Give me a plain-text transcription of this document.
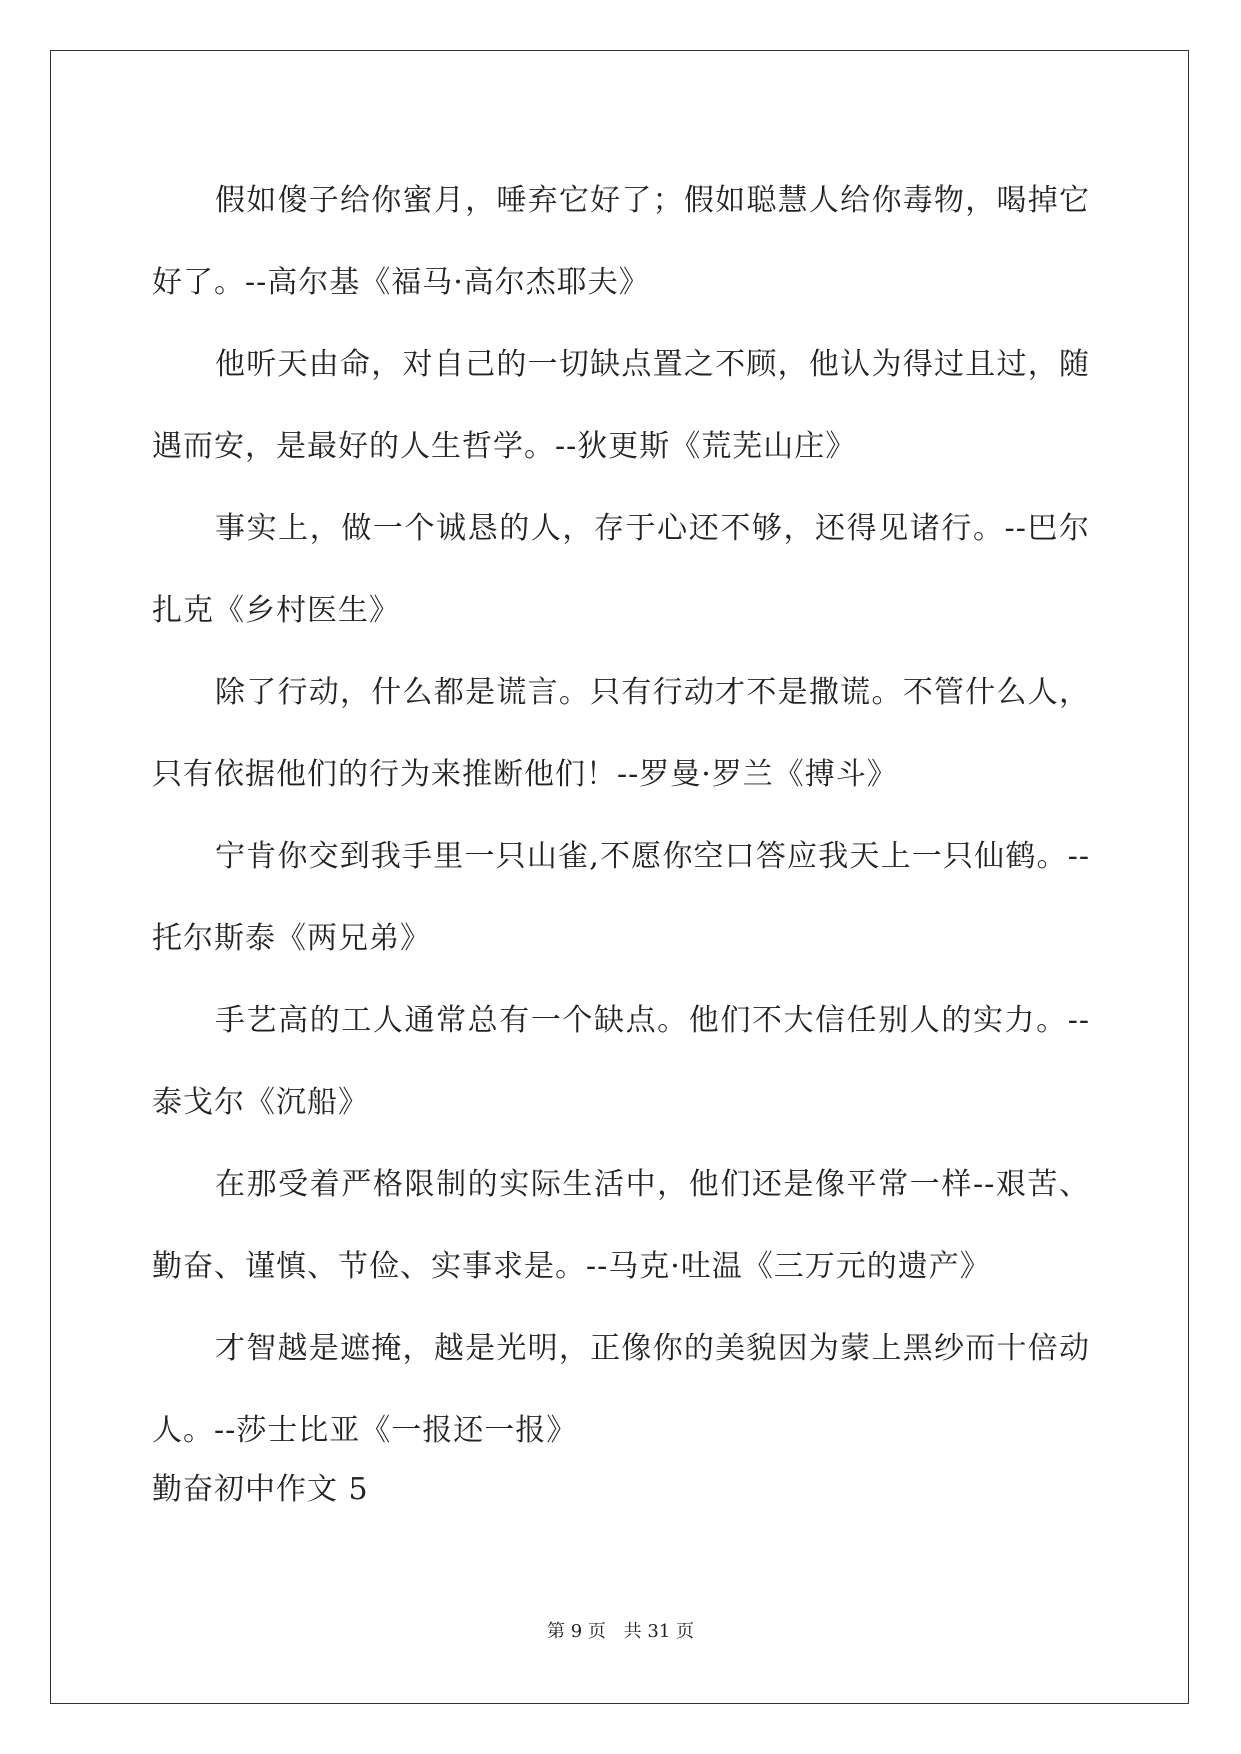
假如傻子给你蜜月，唾弃它好了；假如聪慧人给你毒物，喝掉它好了。--高尔基《福马·高尔杰耶夫》

他听天由命，对自己的一切缺点置之不顾，他认为得过且过，随遇而安，是最好的人生哲学。--狄更斯《荒芜山庄》

事实上，做一个诚恳的人，存于心还不够，还得见诸行。--巴尔扎克《乡村医生》

除了行动，什么都是谎言。只有行动才不是撒谎。不管什么人，只有依据他们的行为来推断他们！--罗曼·罗兰《搏斗》

宁肯你交到我手里一只山雀,不愿你空口答应我天上一只仙鹤。--托尔斯泰《两兄弟》

手艺高的工人通常总有一个缺点。他们不大信任别人的实力。--泰戈尔《沉船》

在那受着严格限制的实际生活中，他们还是像平常一样--艰苦、勤奋、谨慎、节俭、实事求是。--马克·吐温《三万元的遗产》

才智越是遮掩，越是光明，正像你的美貌因为蒙上黑纱而十倍动人。--莎士比亚《一报还一报》

勤奋初中作文 5
第 9 页 共 31 页
